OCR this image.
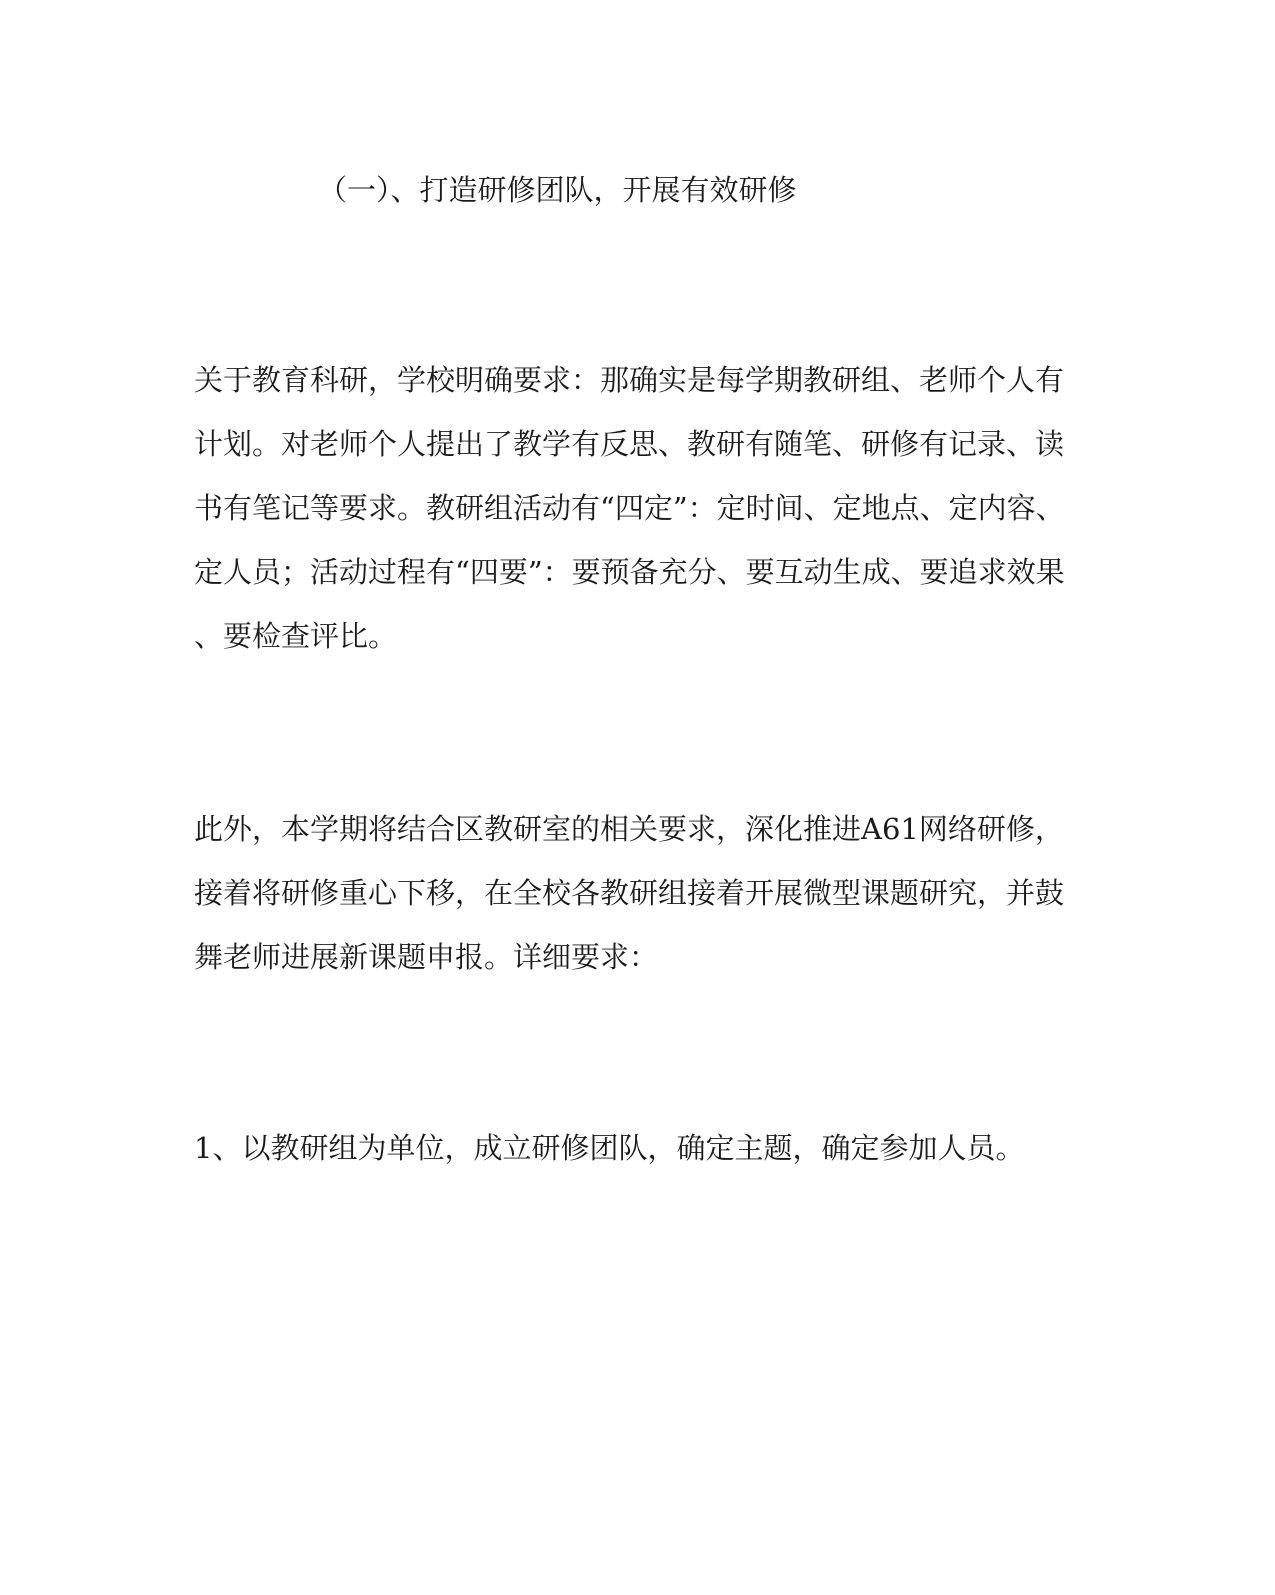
（一）、打造研修团队，开展有效研修
关于教育科研，学校明确要求：那确实是每学期教研组、老师个人有
计划。对老师个人提出了教学有反思、教研有随笔、研修有记录、读
书有笔记等要求。教研组活动有“四定”：定时间、定地点、定内容、
定人员；活动过程有“四要”：要预备充分、要互动生成、要追求效果
、要检查评比。
此外，本学期将结合区教研室的相关要求，深化推进A61网络研修，
接着将研修重心下移，在全校各教研组接着开展微型课题研究，并鼓
舞老师进展新课题申报。详细要求：
1、以教研组为单位，成立研修团队，确定主题，确定参加人员。
